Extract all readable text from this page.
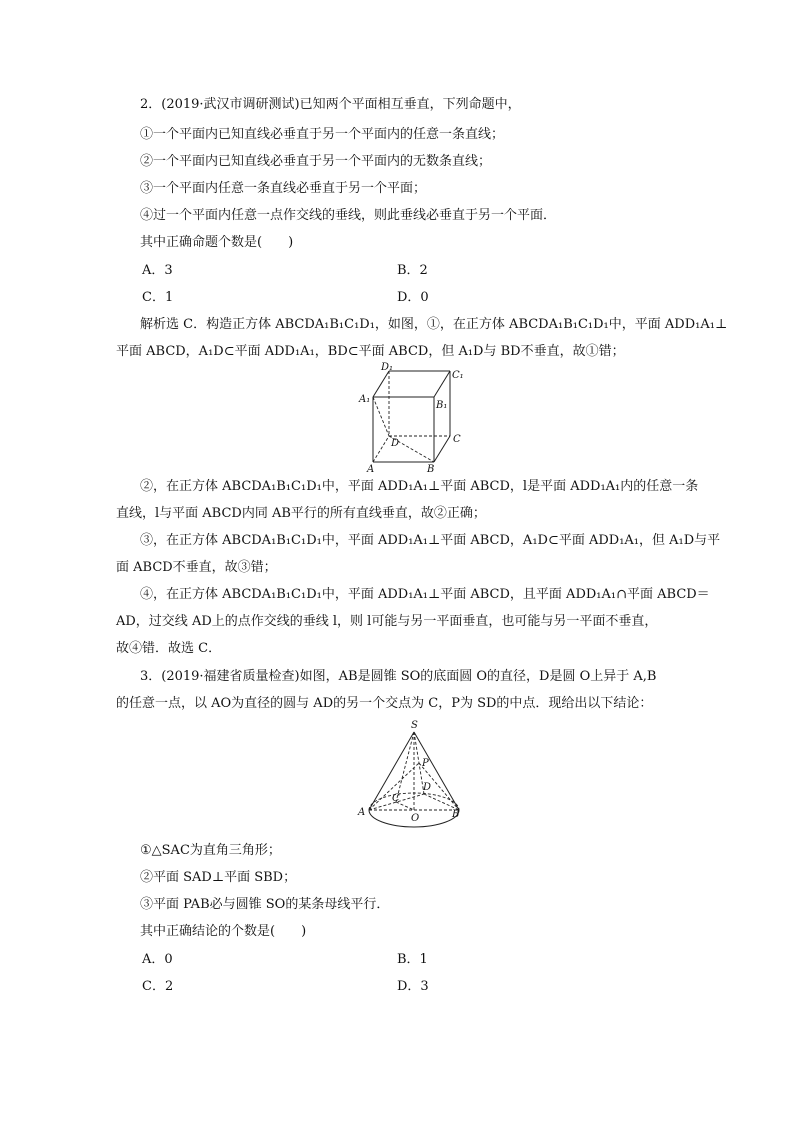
2．(2019·武汉市调研测试)已知两个平面相互垂直，下列命题中，
①一个平面内已知直线必垂直于另一个平面内的任意一条直线；
②一个平面内已知直线必垂直于另一个平面内的无数条直线；
③一个平面内任意一条直线必垂直于另一个平面；
④过一个平面内任意一点作交线的垂线，则此垂线必垂直于另一个平面．
其中正确命题个数是(　　)
A．3	B．2
C．1	D．0
解析选 C．构造正方体 ABCDA₁B₁C₁D₁，如图，①，在正方体 ABCDA₁B₁C₁D₁中，平面 ADD₁A₁⊥
平面 ABCD，A₁D⊂平面 ADD₁A₁，BD⊂平面 ABCD，但 A₁D与 BD不垂直，故①错；
D₁
C₁
A₁
B₁
D	C
A	B
②，在正方体 ABCDA₁B₁C₁D₁中，平面 ADD₁A₁⊥平面 ABCD，l是平面 ADD₁A₁内的任意一条
直线，l与平面 ABCD内同 AB平行的所有直线垂直，故②正确；
③，在正方体 ABCDA₁B₁C₁D₁中，平面 ADD₁A₁⊥平面 ABCD，A₁D⊂平面 ADD₁A₁，但 A₁D与平
面 ABCD不垂直，故③错；
④，在正方体 ABCDA₁B₁C₁D₁中，平面 ADD₁A₁⊥平面 ABCD，且平面 ADD₁A₁∩平面 ABCD＝
AD，过交线 AD上的点作交线的垂线 l，则 l可能与另一平面垂直，也可能与另一平面不垂直，
故④错．故选 C．
3．(2019·福建省质量检查)如图，AB是圆锥 SO的底面圆 O的直径，D是圆 O上异于 A,B
的任意一点，以 AO为直径的圆与 AD的另一个交点为 C，P为 SD的中点．现给出以下结论：
S
P
D
C
A
O	B
①△SAC为直角三角形；
②平面 SAD⊥平面 SBD；
③平面 PAB必与圆锥 SO的某条母线平行．
其中正确结论的个数是(　　)
A．0	B．1
C．2	D．3
